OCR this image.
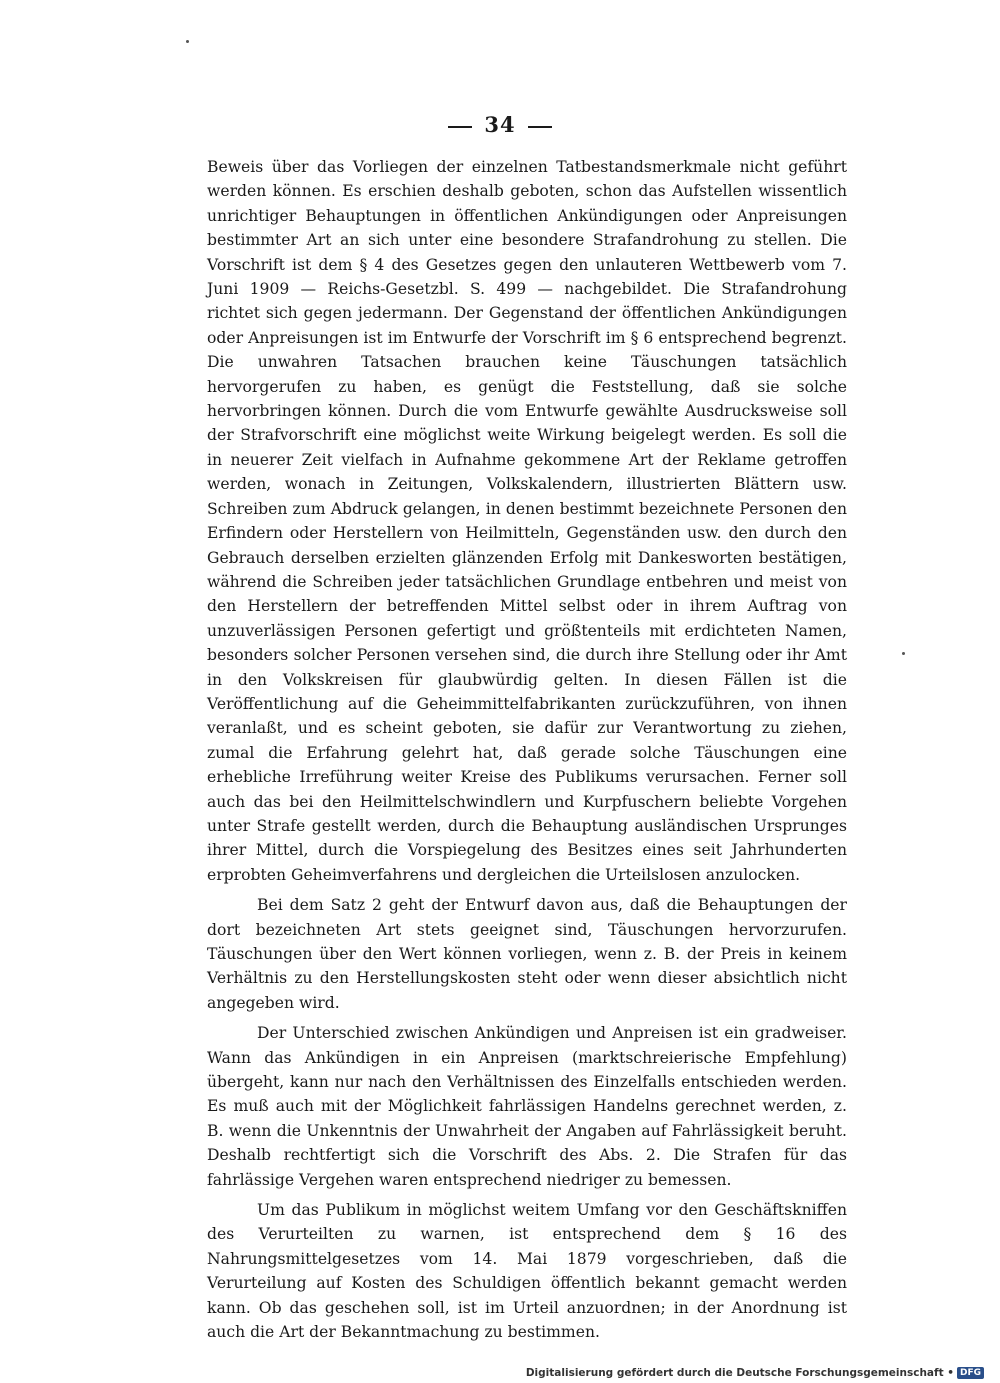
34

Beweis über das Vorliegen der einzelnen Tatbestandsmerkmale nicht geführt werden können. Es erschien deshalb geboten, schon das Aufstellen wissentlich unrichtiger Behauptungen in öffentlichen Ankündigungen oder Anpreisungen bestimmter Art an sich unter eine besondere Strafandrohung zu stellen. Die Vorschrift ist dem § 4 des Gesetzes gegen den unlauteren Wettbewerb vom 7. Juni 1909 — Reichs-Gesetzbl. S. 499 — nachgebildet. Die Strafandrohung richtet sich gegen jedermann. Der Gegenstand der öffentlichen Ankündigungen oder Anpreisungen ist im Entwurfe der Vorschrift im § 6 entsprechend begrenzt. Die unwahren Tatsachen brauchen keine Täuschungen tatsächlich hervorgerufen zu haben, es genügt die Feststellung, daß sie solche hervorbringen können. Durch die vom Entwurfe gewählte Ausdrucksweise soll der Strafvorschrift eine möglichst weite Wirkung beigelegt werden. Es soll die in neuerer Zeit vielfach in Aufnahme gekommene Art der Reklame getroffen werden, wonach in Zeitungen, Volkskalendern, illustrierten Blättern usw. Schreiben zum Abdruck gelangen, in denen bestimmt bezeichnete Personen den Erfindern oder Herstellern von Heilmitteln, Gegenständen usw. den durch den Gebrauch derselben erzielten glänzenden Erfolg mit Dankesworten bestätigen, während die Schreiben jeder tatsächlichen Grundlage entbehren und meist von den Herstellern der betreffenden Mittel selbst oder in ihrem Auftrag von unzuverlässigen Personen gefertigt und größtenteils mit erdichteten Namen, besonders solcher Personen versehen sind, die durch ihre Stellung oder ihr Amt in den Volkskreisen für glaubwürdig gelten. In diesen Fällen ist die Veröffentlichung auf die Geheimmittelfabrikanten zurückzuführen, von ihnen veranlaßt, und es scheint geboten, sie dafür zur Verantwortung zu ziehen, zumal die Erfahrung gelehrt hat, daß gerade solche Täuschungen eine erhebliche Irreführung weiter Kreise des Publikums verursachen. Ferner soll auch das bei den Heilmittelschwindlern und Kurpfuschern beliebte Vorgehen unter Strafe gestellt werden, durch die Behauptung ausländischen Ursprunges ihrer Mittel, durch die Vorspiegelung des Besitzes eines seit Jahrhunderten erprobten Geheimverfahrens und dergleichen die Urteilslosen anzulocken.

Bei dem Satz 2 geht der Entwurf davon aus, daß die Behauptungen der dort bezeichneten Art stets geeignet sind, Täuschungen hervorzurufen. Täuschungen über den Wert können vorliegen, wenn z. B. der Preis in keinem Verhältnis zu den Herstellungskosten steht oder wenn dieser absichtlich nicht angegeben wird.

Der Unterschied zwischen Ankündigen und Anpreisen ist ein gradweiser. Wann das Ankündigen in ein Anpreisen (marktschreierische Empfehlung) übergeht, kann nur nach den Verhältnissen des Einzelfalls entschieden werden. Es muß auch mit der Möglichkeit fahrlässigen Handelns gerechnet werden, z. B. wenn die Unkenntnis der Unwahrheit der Angaben auf Fahrlässigkeit beruht. Deshalb rechtfertigt sich die Vorschrift des Abs. 2. Die Strafen für das fahrlässige Vergehen waren entsprechend niedriger zu bemessen.

Um das Publikum in möglichst weitem Umfang vor den Geschäftskniffen des Verurteilten zu warnen, ist entsprechend dem § 16 des Nahrungsmittelgesetzes vom 14. Mai 1879 vorgeschrieben, daß die Verurteilung auf Kosten des Schuldigen öffentlich bekannt gemacht werden kann. Ob das geschehen soll, ist im Urteil anzuordnen; in der Anordnung ist auch die Art der Bekanntmachung zu bestimmen.

Digitalisierung gefördert durch die Deutsche Forschungsgemeinschaft • DFG
